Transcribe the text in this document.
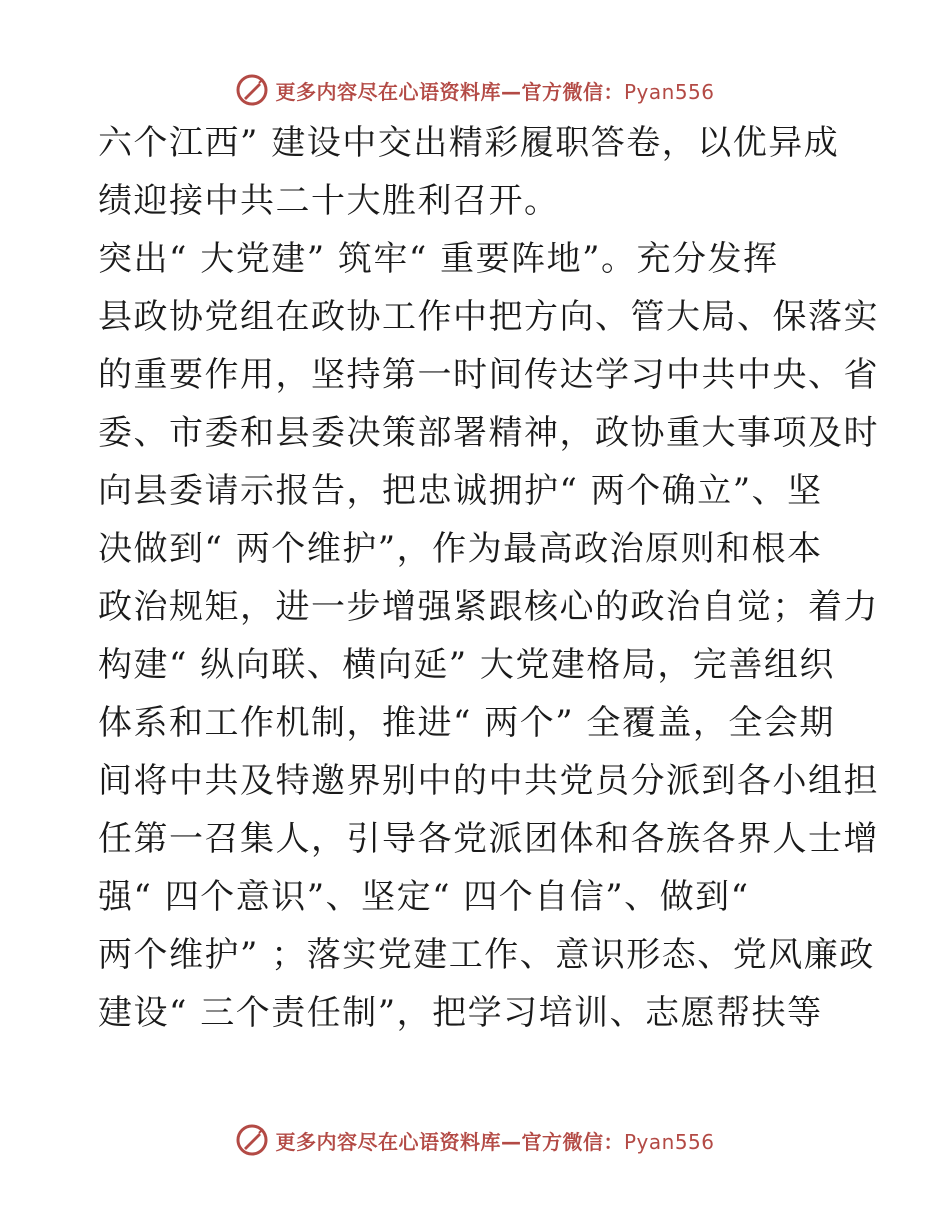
更多内容尽在心语资料库—官方微信：Pyan556
六个江西” 建设中交出精彩履职答卷，以优异成
绩迎接中共二十大胜利召开。
突出“ 大党建” 筑牢“ 重要阵地”。充分发挥
县政协党组在政协工作中把方向、管大局、保落实
的重要作用，坚持第一时间传达学习中共中央、省
委、市委和县委决策部署精神，政协重大事项及时
向县委请示报告，把忠诚拥护“ 两个确立”、坚
决做到“ 两个维护”，作为最高政治原则和根本
政治规矩，进一步增强紧跟核心的政治自觉；着力
构建“ 纵向联、横向延” 大党建格局，完善组织
体系和工作机制，推进“ 两个” 全覆盖，全会期
间将中共及特邀界别中的中共党员分派到各小组担
任第一召集人，引导各党派团体和各族各界人士增
强“ 四个意识”、坚定“ 四个自信”、做到“
两个维护” ；落实党建工作、意识形态、党风廉政
建设“ 三个责任制”，把学习培训、志愿帮扶等
更多内容尽在心语资料库—官方微信：Pyan556
